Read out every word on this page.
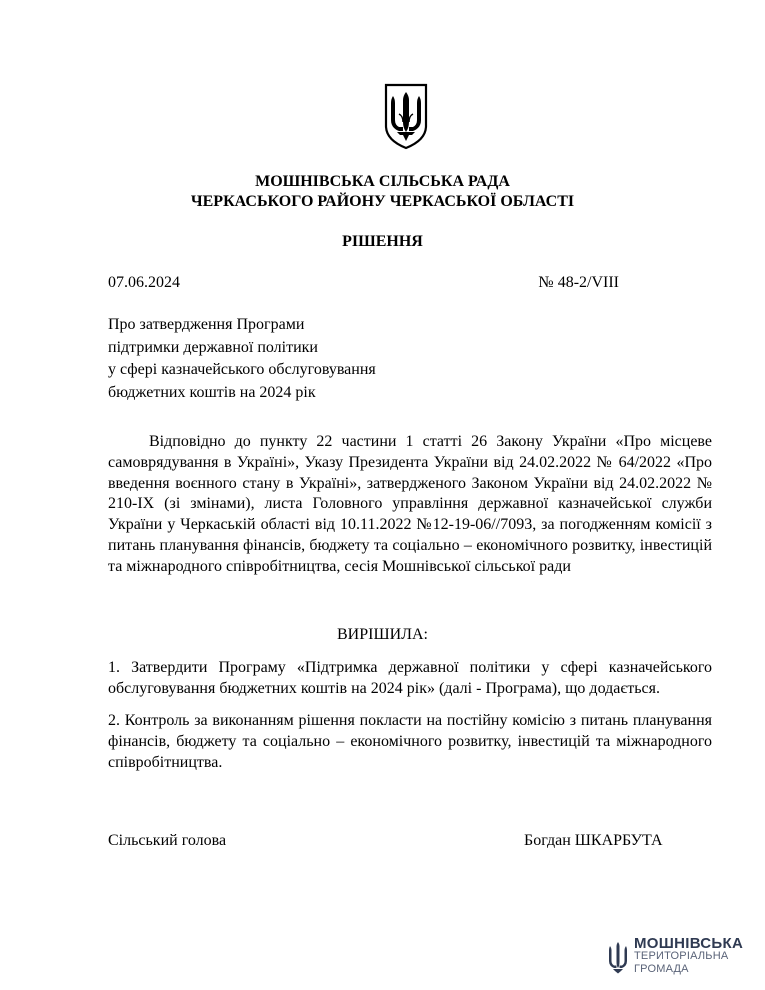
МОШНІВСЬКА СІЛЬСЬКА РАДА
ЧЕРКАСЬКОГО РАЙОНУ ЧЕРКАСЬКОЇ ОБЛАСТІ
РІШЕННЯ
07.06.2024	№ 48-2/VIII
Про затвердження Програми
підтримки державної політики
у сфері казначейського обслуговування
бюджетних коштів на 2024 рік
Відповідно до пункту 22 частини 1 статті 26 Закону України «Про місцеве самоврядування в Україні», Указу Президента України від 24.02.2022 № 64/2022 «Про введення воєнного стану в Україні», затвердженого Законом України від 24.02.2022 № 210-IX (зі змінами), листа Головного управління державної казначейської служби України у Черкаській області від 10.11.2022 №12-19-06//7093, за погодженням комісії з питань планування фінансів, бюджету та соціально – економічного розвитку, інвестицій та міжнародного співробітництва, сесія Мошнівської сільської ради
ВИРІШИЛА:
1. Затвердити Програму «Підтримка державної політики у сфері казначейського обслуговування бюджетних коштів на 2024 рік» (далі - Програма), що додається.
2. Контроль за виконанням рішення покласти на постійну комісію з питань планування фінансів, бюджету та соціально – економічного розвитку, інвестицій та міжнародного співробітництва.
Сільський голова	Богдан ШКАРБУТА
МОШНІВСЬКА
ТЕРИТОРІАЛЬНА
ГРОМАДА
